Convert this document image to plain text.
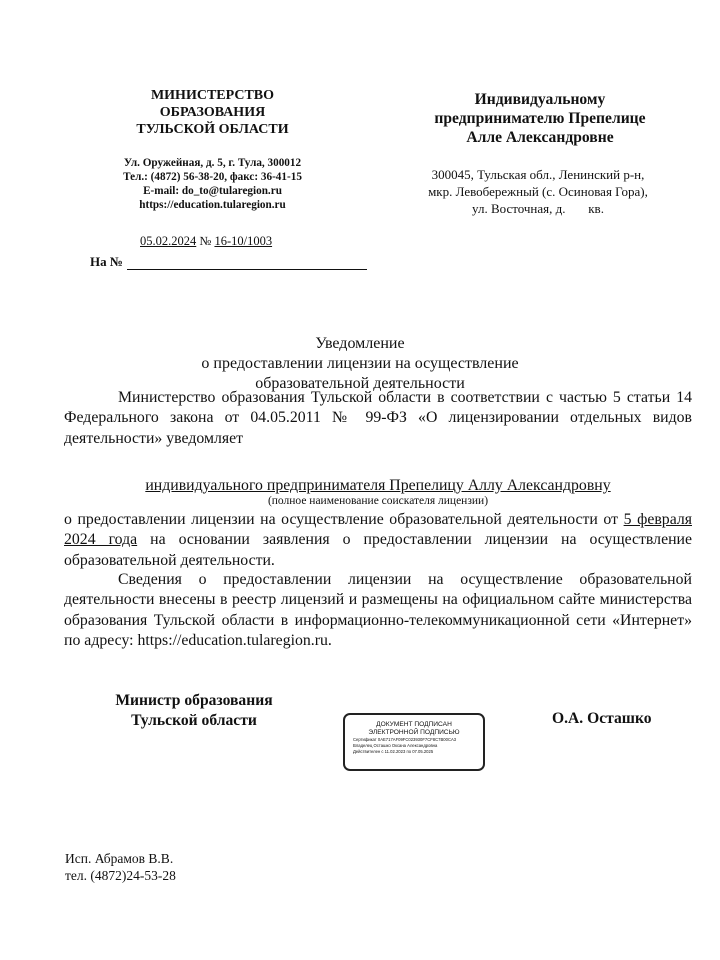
МИНИСТЕРСТВО
ОБРАЗОВАНИЯ
ТУЛЬСКОЙ ОБЛАСТИ
Ул. Оружейная, д. 5, г. Тула, 300012
Тел.: (4872) 56-38-20, факс: 36-41-15
E-mail: do_to@tularegion.ru
https://education.tularegion.ru
05.02.2024 № 16-10/1003
На №
Индивидуальному
предпринимателю Препелице
Алле Александровне
300045, Тульская обл., Ленинский р-н,
мкр. Левобережный (с. Осиновая Гора),
ул. Восточная, д.       кв.
Уведомление
о предоставлении лицензии на осуществление
образовательной деятельности
Министерство образования Тульской области в соответствии с частью 5 статьи 14 Федерального закона от 04.05.2011 № 99-ФЗ «О лицензировании отдельных видов деятельности» уведомляет
индивидуального предпринимателя Препелицу Аллу Александровну
(полное наименование соискателя лицензии)
о предоставлении лицензии на осуществление образовательной деятельности от 5 февраля 2024 года на основании заявления о предоставлении лицензии на осуществление образовательной деятельности.
Сведения о предоставлении лицензии на осуществление образовательной деятельности внесены в реестр лицензий и размещены на официальном сайте министерства образования Тульской области в информационно-телекоммуникационной сети «Интернет» по адресу: https://education.tularegion.ru.
Министр образования
Тульской области	ДОКУМЕНТ ПОДПИСАН
ЭЛЕКТРОННОЙ ПОДПИСЬЮ
Сертификат 0AE717AF09FC023930F7CF8C7B00CA3
Владелец Осташко Оксана Александровна
Действителен с 11.02.2023 по 07.05.2025
О.А. Осташко
Исп. Абрамов В.В.
тел. (4872)24-53-28
